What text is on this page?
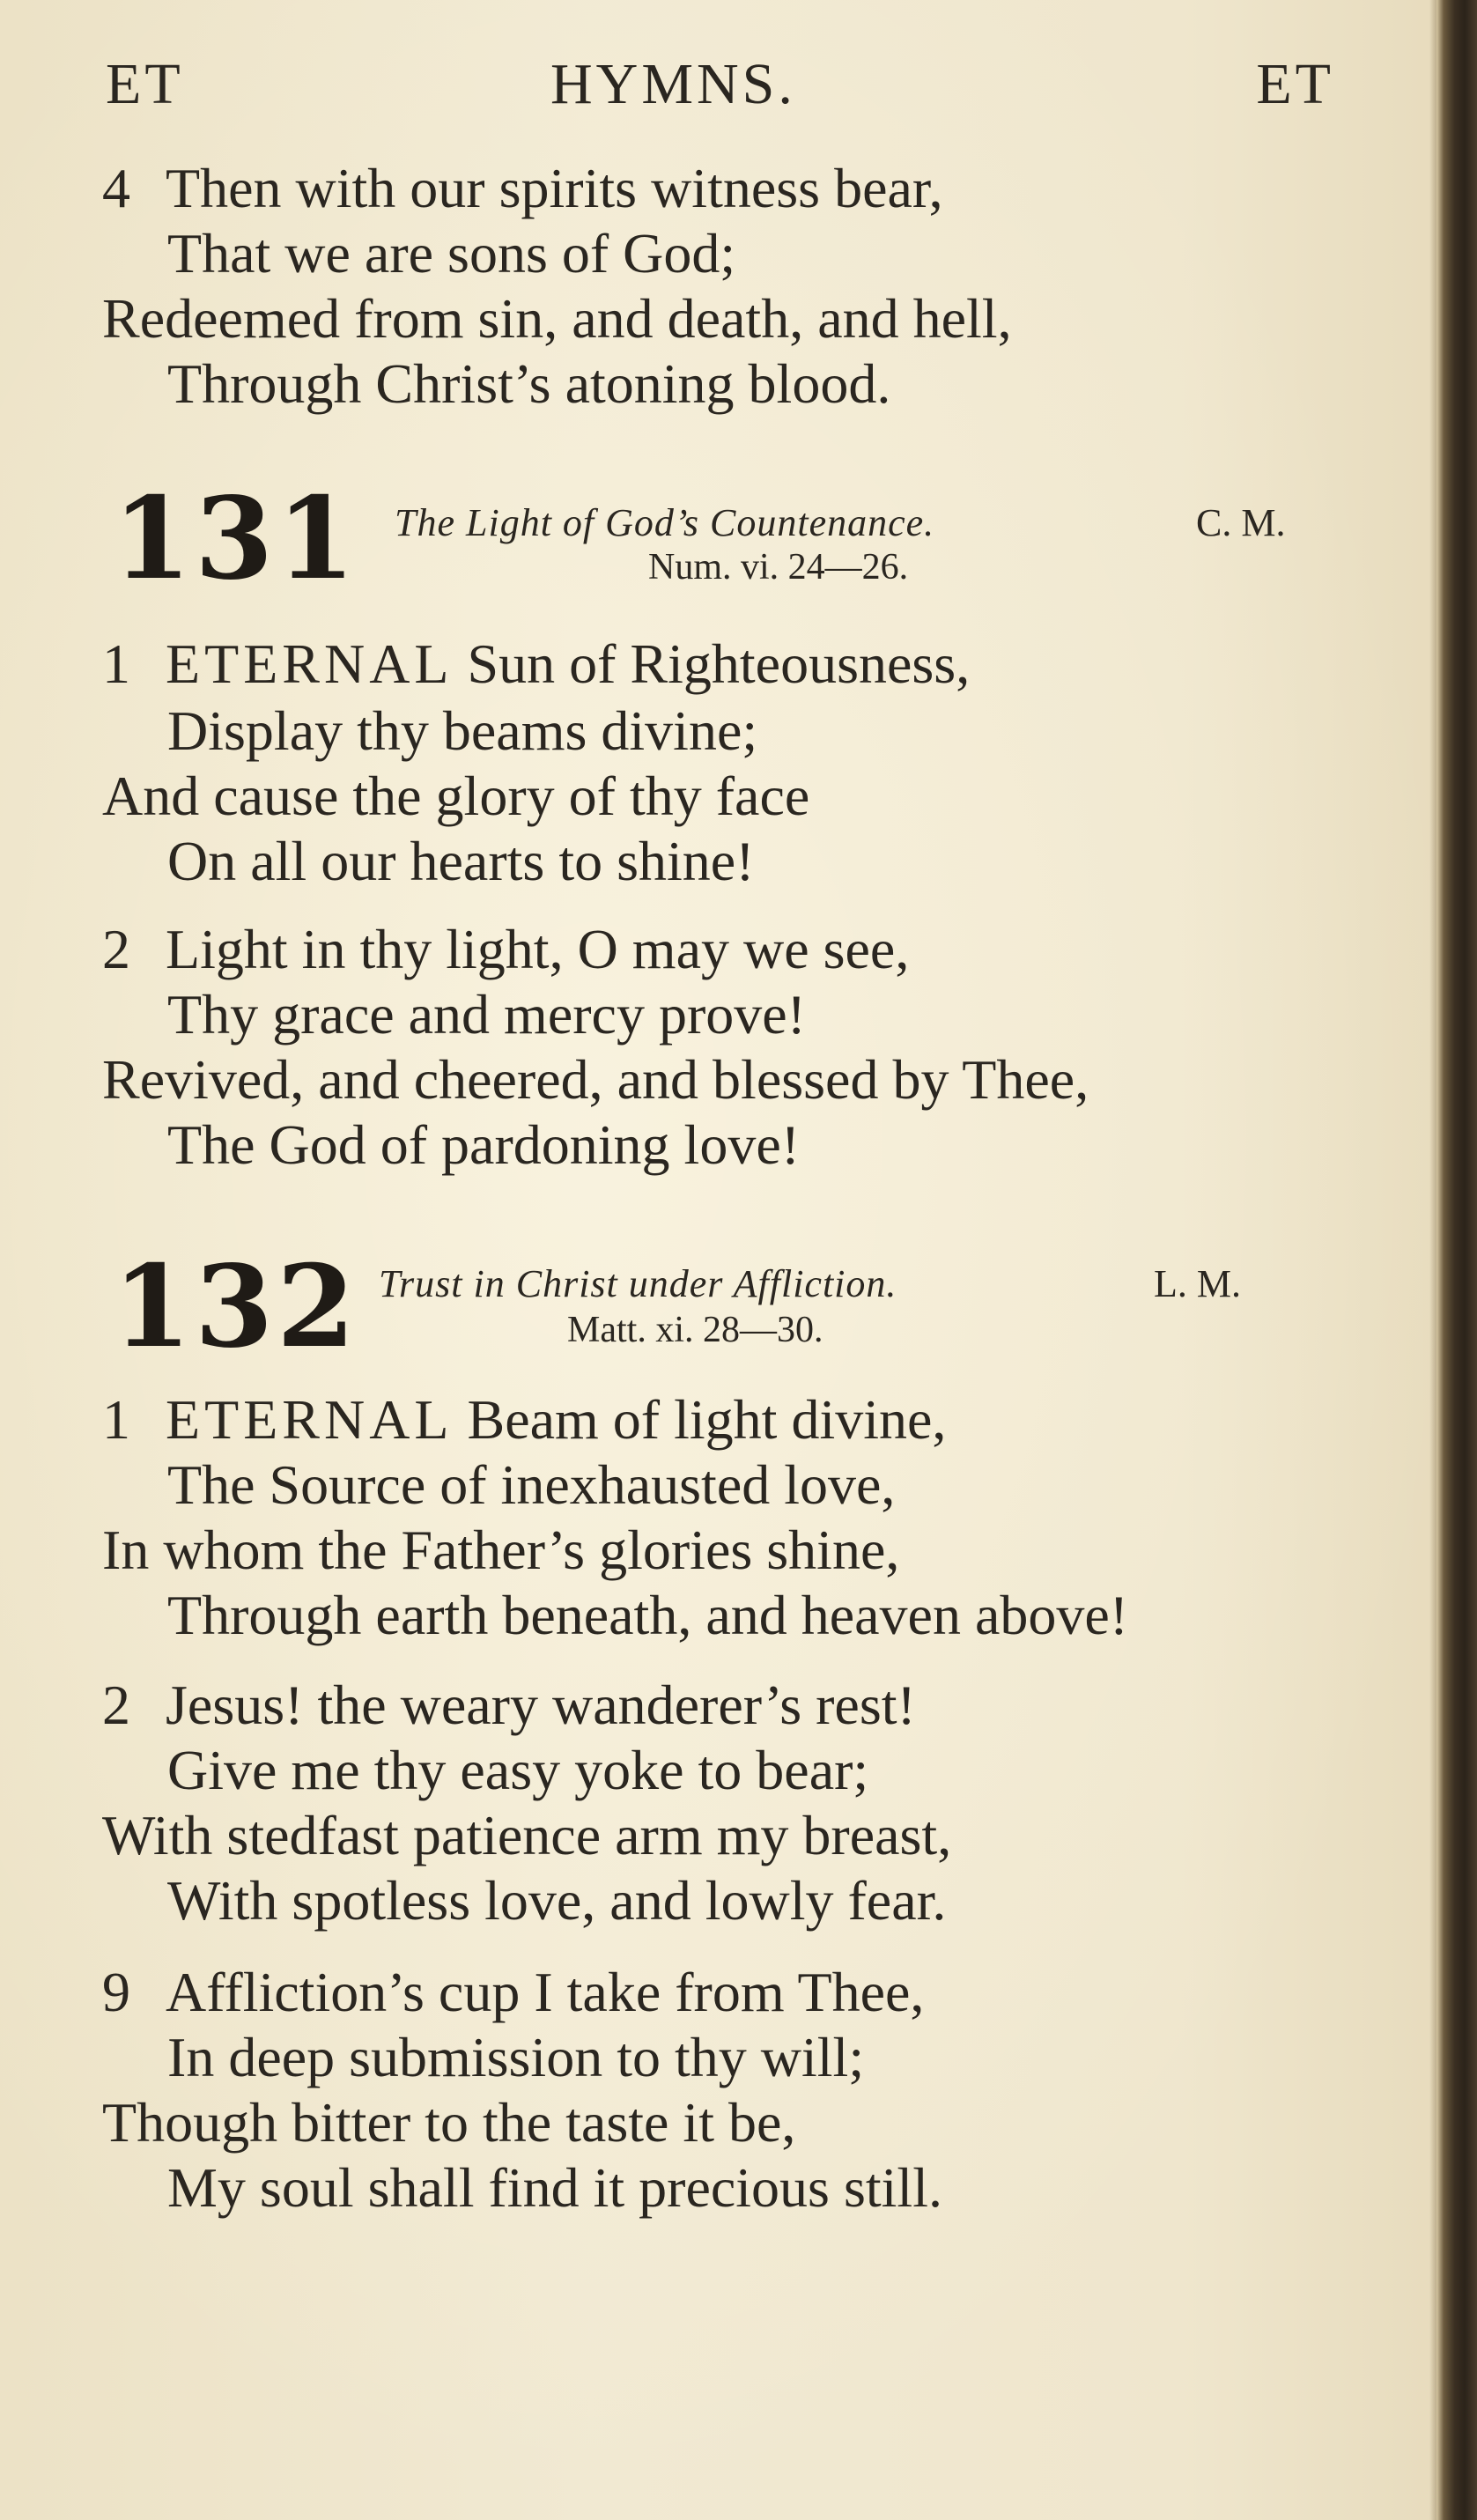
ET	HYMNS.	ET
4 Then with our spirits witness bear,
That we are sons of God;
Redeemed from sin, and death, and hell,
Through Christ’s atoning blood.
131 The Light of God’s Countenance.	C. M.
Num. vi. 24—26.
1 ETERNAL Sun of Righteousness,
Display thy beams divine;
And cause the glory of thy face
On all our hearts to shine!
2 Light in thy light, O may we see,
Thy grace and mercy prove!
Revived, and cheered, and blessed by Thee,
The God of pardoning love!
132 Trust in Christ under Affliction.	L. M.
Matt. xi. 28—30.
1 ETERNAL Beam of light divine,
The Source of inexhausted love,
In whom the Father’s glories shine,
Through earth beneath, and heaven above!
2 Jesus! the weary wanderer’s rest!
Give me thy easy yoke to bear;
With stedfast patience arm my breast,
With spotless love, and lowly fear.
9 Affliction’s cup I take from Thee,
In deep submission to thy will;
Though bitter to the taste it be,
My soul shall find it precious still.
